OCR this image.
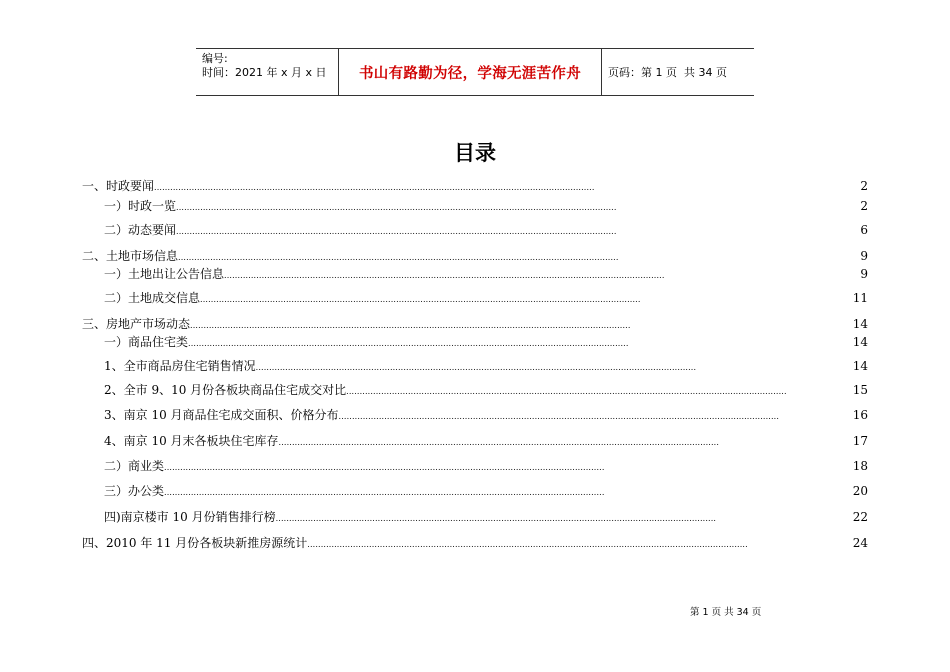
编号:
时间：2021 年 x 月 x 日	书山有路勤为径，学海无涯苦作舟	页码：第 1 页  共 34 页
目录
一、时政要闻 . . .	2
一）时政一览 . . .	2
二）动态要闻 . . .	6
二、土地市场信息 . . .	9
一）土地出让公告信息 . . .	9
二）土地成交信息 . . .	11
三、房地产市场动态 . . .	14
一）商品住宅类 . . .	14
1、全市商品房住宅销售情况 . . .	14
2、全市 9、10 月份各板块商品住宅成交对比 . . .	15
3、南京 10 月商品住宅成交面积、价格分布 . . .	16
4、南京 10 月末各板块住宅库存 . . .	17
二）商业类 . . .	18
三）办公类 . . .	20
四)南京楼市 10 月份销售排行榜 . . .	22
四、2010 年 11 月份各板块新推房源统计 . . .	24
第 1 页 共 34 页
